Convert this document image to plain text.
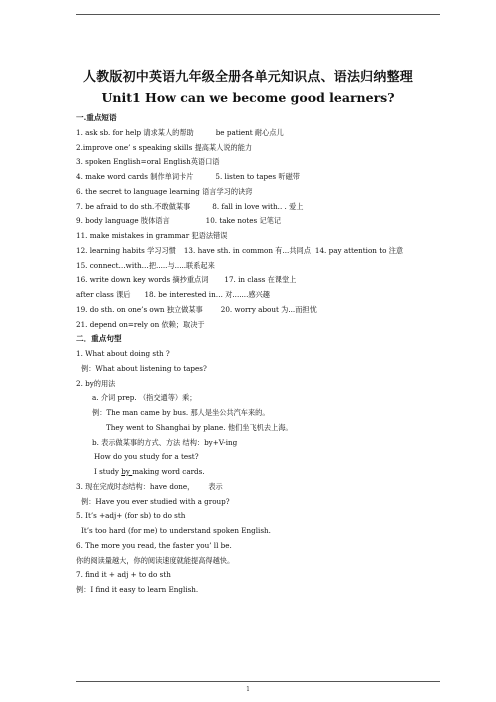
人教版初中英语九年级全册各单元知识点、语法归纳整理
Unit1 How can we become good learners?
一.重点短语
1. ask sb. for help 请求某人的帮助	be patient 耐心点儿
2.improve one’ s speaking skills 提高某人说的能力
3. spoken English=oral English英语口语
4. make word cards 制作单词卡片	5. listen to tapes 听磁带
6. the secret to language learning 语言学习的诀窍
7. be afraid to do sth.不敢做某事	8. fall in love with.. . 爱上
9. body language 肢体语言	10. take notes 记笔记
11. make mistakes in grammar 犯语法错误
12. learning habits 学习习惯 13. have sth. in common 有...共同点 14. pay attention to 注意
15. connect…with…把.....与.....联系起来
16. write down key words 摘抄重点词 17. in class 在课堂上
after class 课后 18. be interested in… 对.......感兴趣
19. do sth. on one’s own 独立做某事	20. worry about 为...而担忧
21. depend on=rely on 依赖；取决于
二．重点句型
1. What about doing sth ?
例：What about listening to tapes?
2. by的用法
a. 介词 prep. （指交通等）乘；
例：The man came by bus. 那人是坐公共汽车来的。
They went to Shanghai by plane. 他们坐飞机去上海。
b. 表示做某事的方式、方法 结构：by+V-ing
How do you study for a test?
I study by making word cards.
3. 现在完成时态结构：have done， 表示
例：Have you ever studied with a group?
5. It’s +adj+ (for sb) to do sth
It’s too hard (for me) to understand spoken English.
6. The more you read, the faster you’ ll be.
你的阅读量越大，你的阅读速度就能提高得越快。
7. find it + adj + to do sth
例：I find it easy to learn English.
1
